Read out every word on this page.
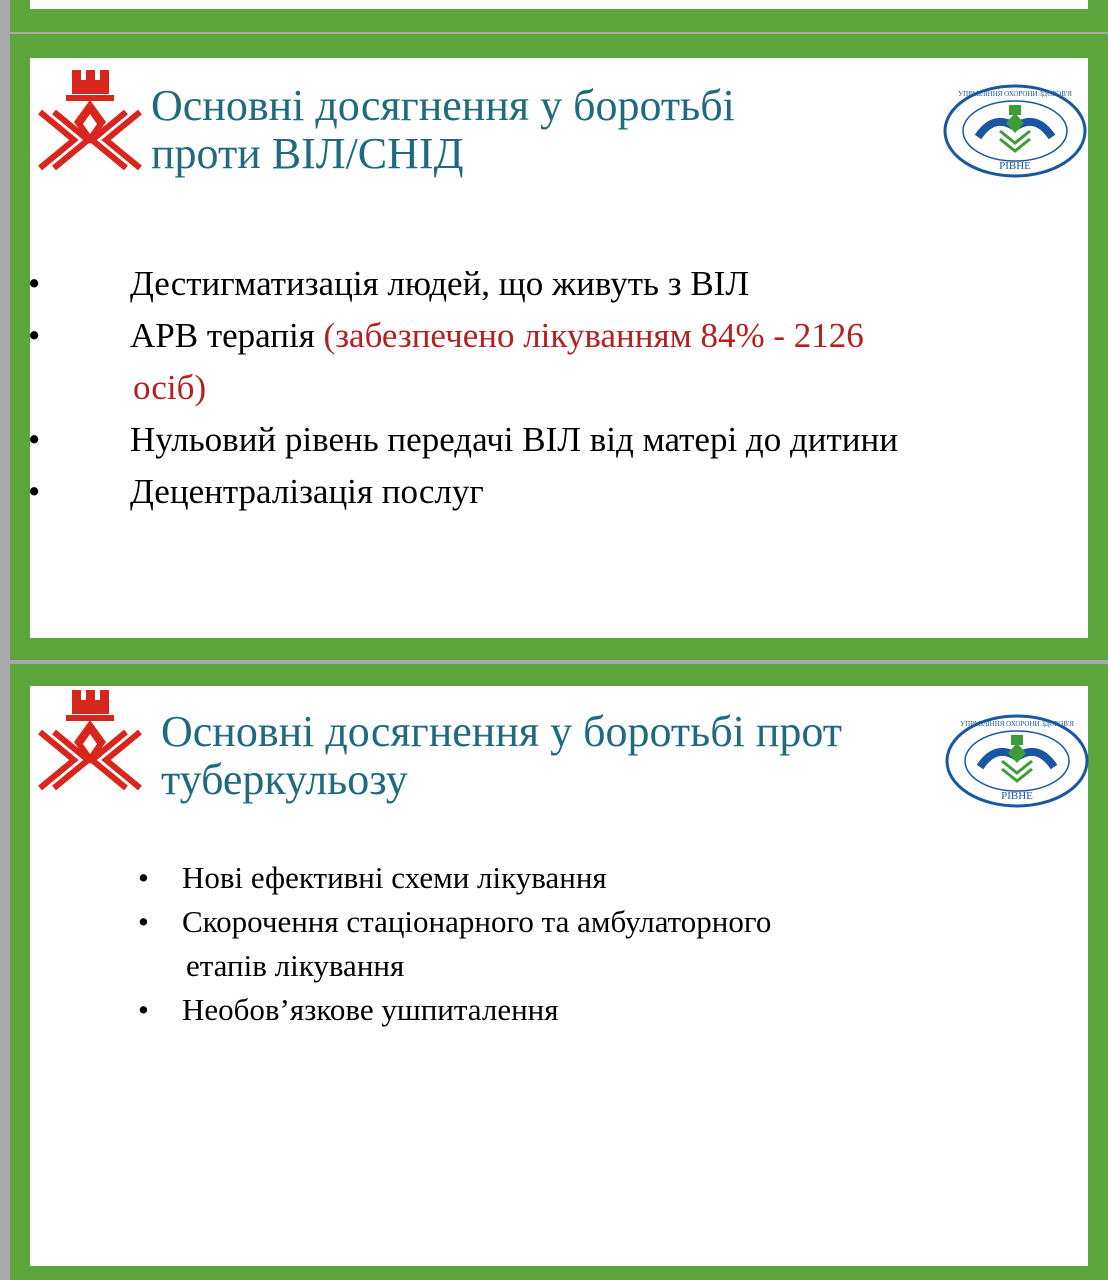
Основні досягнення у боротьбі
проти ВІЛ/СНІД	РІВНЕ
УПРАВЛІННЯ ОХОРОНИ ЗДОРОВ'Я
•	Дестигматизація людей, що живуть з ВІЛ
•	АРВ терапія (забезпечено лікуванням 84% - 2126
осіб)
•	Нульовий рівень передачі ВІЛ від матері до дитини
•	Децентралізація послуг
Основні досягнення у боротьбі прот
туберкульозу	РІВНЕ
УПРАВЛІННЯ ОХОРОНИ ЗДОРОВ'Я
• Нові ефективні схеми лікування
• Скорочення стаціонарного та амбулаторного
етапів лікування
• Необов’язкове ушпиталення
